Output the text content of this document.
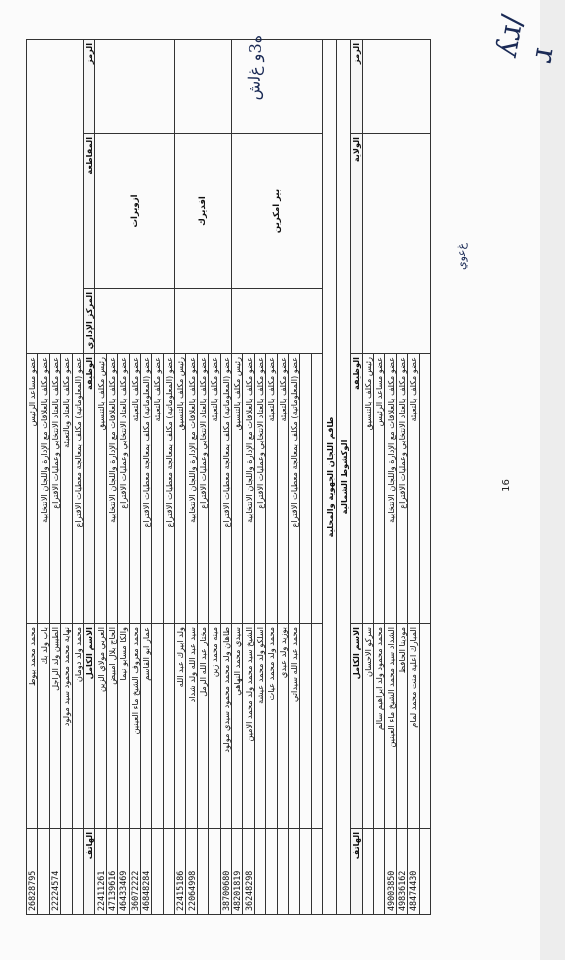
26828795	محمد محمد بيوط	عضو مساعد الرئيس			
	باب ولد بك	عضو مكلف بالعلاقات مع الإدارة واللجان الانتخابية			
22224574	الطيبين ولد الراجل	عضو مكلف بالعتاد الانتخابي وعمليات الاقتراع			
	نهاية محمد محمود سيد مولود	عضو مكلف بالعتاد وبالتعبئة			
	محمد ولد دومان	عضو (المعلوماتية) مكلف بمعالجة معطيات الاقتراع			
الهاتف	الاسم الكامل	الوظيفة	المركز الإداري	المقاطعة	الرمز
22411261	العربي مولاي الزين	رئيس مكلف بالتنسيق		ازويرات	
47139616	الحاج بلال امبيض	عضو مكلف بالعلاقات مع الإدارة واللجان الانتخابية			
46433469	والكا مسابو نيما	عضو مكلف بالعتاد الانتخابي وعمليات الاقتراع			
36072222	محمد معروف الشيخ ماء العينين	عضو مكلف بالتعبئة			
46848284	عمار ابو القاسم	عضو (المعلوماتية) مكلف بمعالجة معطيات الاقتراع			
		عضو مكلف بالتعبئة			
		عضو (المعلوماتية) مكلف بمعالجة معطيات الاقتراع			
22415186	ولد ابيرك عبد الله	رئيس مكلف بالتنسيق		افديرك	
22064998	سيد عبد الله ولد شداد	عضو مكلف بالعلاقات مع الإدارة واللجان الانتخابية			
	مختار عبد الله الرمل	عضو مكلف بالعتاد الانتخابي وعمليات الاقتراع			
	مينه محمد زين	عضو مكلف بالتعبئة			
38700680	طاهان ولد محمد محمود سيدي مولود	عضو (المعلوماتية) مكلف بمعالجة معطيات الاقتراع			
48201819	سيدي محمد النهاهي	رئيس مكلف بالتنسيق		بير امكرين	
36248298	الشيخ سيد محمد ولد محمد الامين	عضو مكلف بالعلاقات مع الإدارة واللجان الانتخابية			
	اسلكو ولد محمد عيشة	عضو مكلف بالعتاد الانتخابي وعمليات الاقتراع			
	محمد ولد محمد عيات	عضو مكلف بالتعبئة			
	بوزيد ولد عبدي	عضو مكلف بالتعبئة			
	محمد عبد الله سيداتي	عضو (المعلوماتية) مكلف بمعالجة معطيات الاقتراع			

طاقم اللجان الجهوية والمحلية					
الوكشوط الشمالية					
الهاتف	الاسم الكامل	الوظيفة	الولاية		الرمز
	سركو الاحسان	رئيس مكلف بالتنسيق			
	محمد محمود ولد ابراهيم سالم	عضو مساعد الرئيس			
49003850	الشداد سيد محمد الشيخ ماء العينين	عضو مكلف بالعلاقات مع الإدارة واللجان الانتخابية			
49836162	مودينا الحافظ	عضو مكلف بالعتاد الانتخابي وعمليات الاقتراع			
48474430	المبارك اعلية منت محمد لمام	عضو مكلف بالتعبئة			

16
ʎɹ/ɹ
ﻩ3ﻭ ﻍﻟﺵ
ﻍﻋﻭﻱ
